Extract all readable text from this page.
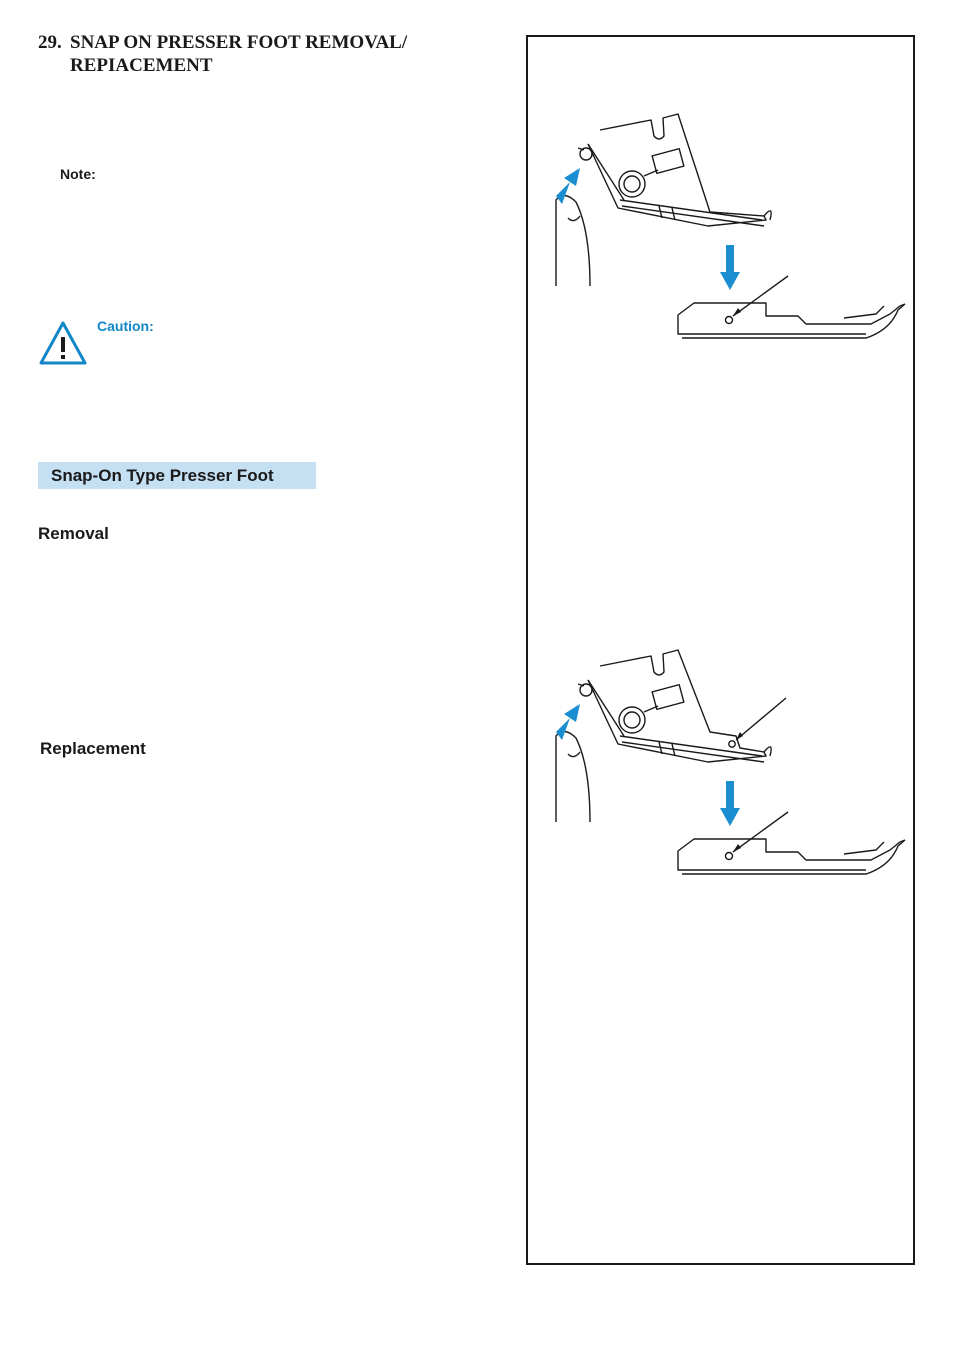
29. SNAP ON PRESSER FOOT REMOVAL/
REPIACEMENT
Note:
Caution:
Snap-On Type Presser Foot
Removal
Replacement
